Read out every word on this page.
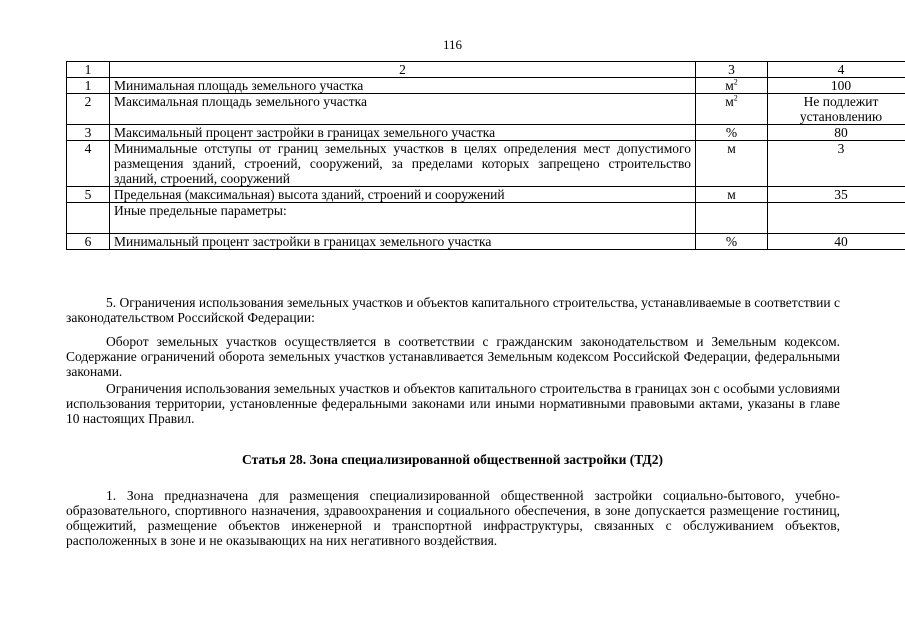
116
1	2	3	4
1	Минимальная площадь земельного участка	$м^2$	100
2	Максимальная площадь земельного участка	$м^2$	Не подлежит установлению
3	Максимальный процент застройки в границах земельного участка	%	80
4	Минимальные отступы от границ земельных участков в целях определения мест допустимого размещения зданий, строений, сооружений, за пределами которых запрещено строительство зданий, строений, сооружений	м	3
5	Предельная (максимальная) высота зданий, строений и сооружений	м	35
	Иные предельные параметры:		
6	Минимальный процент застройки в границах земельного участка	%	40

5. Ограничения использования земельных участков и объектов капитального строительства, устанавливаемые в соответствии с законодательством Российской Федерации:

Оборот земельных участков осуществляется в соответствии с гражданским законодательством и Земельным кодексом. Содержание ограничений оборота земельных участков устанавливается Земельным кодексом Российской Федерации, федеральными законами.

Ограничения использования земельных участков и объектов капитального строительства в границах зон с особыми условиями использования территории, установленные федеральными законами или иными нормативными правовыми актами, указаны в главе 10 настоящих Правил.

Статья 28. Зона специализированной общественной застройки (ТД2)

1. Зона предназначена для размещения специализированной общественной застройки социально-бытового, учебно-образовательного, спортивного назначения, здравоохранения и социального обеспечения, в зоне допускается размещение гостиниц, общежитий, размещение объектов инженерной и транспортной инфраструктуры, связанных с обслуживанием объектов, расположенных в зоне и не оказывающих на них негативного воздействия.
